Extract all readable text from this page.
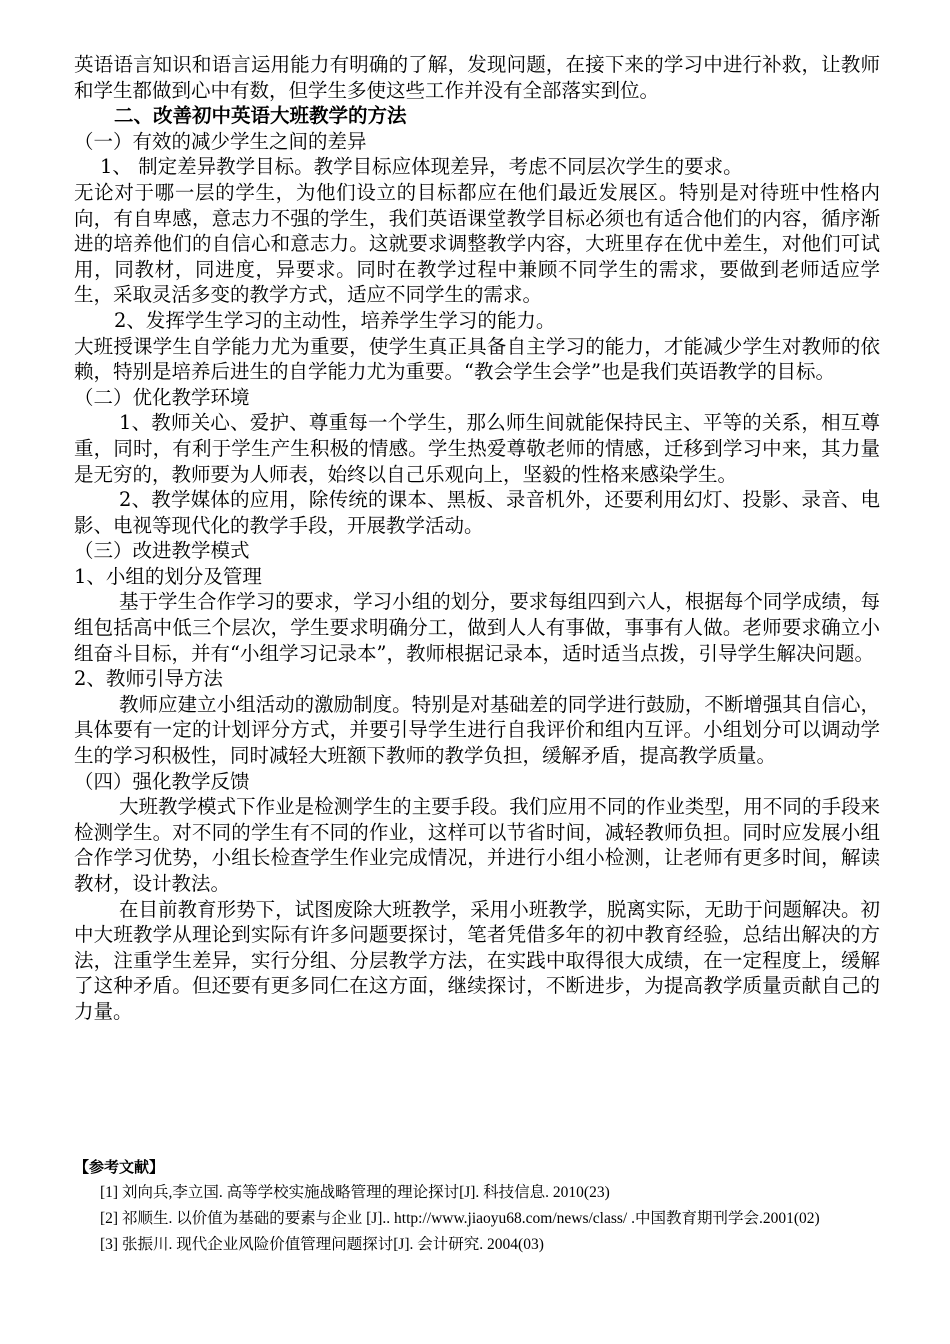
英语语言知识和语言运用能力有明确的了解，发现问题，在接下来的学习中进行补救，让教师和学生都做到心中有数，但学生多使这些工作并没有全部落实到位。

二、改善初中英语大班教学的方法

（一）有效的减少学生之间的差异

1、 制定差异教学目标。教学目标应体现差异，考虑不同层次学生的要求。

无论对于哪一层的学生，为他们设立的目标都应在他们最近发展区。特别是对待班中性格内向，有自卑感，意志力不强的学生，我们英语课堂教学目标必须也有适合他们的内容，循序渐进的培养他们的自信心和意志力。这就要求调整教学内容，大班里存在优中差生，对他们可试用，同教材，同进度，异要求。同时在教学过程中兼顾不同学生的需求，要做到老师适应学生，采取灵活多变的教学方式，适应不同学生的需求。

2、发挥学生学习的主动性，培养学生学习的能力。

大班授课学生自学能力尤为重要，使学生真正具备自主学习的能力，才能减少学生对教师的依赖，特别是培养后进生的自学能力尤为重要。“教会学生会学”也是我们英语教学的目标。

（二）优化教学环境

1、教师关心、爱护、尊重每一个学生，那么师生间就能保持民主、平等的关系，相互尊重，同时，有利于学生产生积极的情感。学生热爱尊敬老师的情感，迁移到学习中来，其力量是无穷的，教师要为人师表，始终以自己乐观向上，坚毅的性格来感染学生。

2、教学媒体的应用，除传统的课本、黑板、录音机外，还要利用幻灯、投影、录音、电影、电视等现代化的教学手段，开展教学活动。

（三）改进教学模式

1、小组的划分及管理

基于学生合作学习的要求，学习小组的划分，要求每组四到六人，根据每个同学成绩，每组包括高中低三个层次，学生要求明确分工，做到人人有事做，事事有人做。老师要求确立小组奋斗目标，并有“小组学习记录本”，教师根据记录本，适时适当点拨，引导学生解决问题。

2、教师引导方法

教师应建立小组活动的激励制度。特别是对基础差的同学进行鼓励，不断增强其自信心，具体要有一定的计划评分方式，并要引导学生进行自我评价和组内互评。小组划分可以调动学生的学习积极性，同时减轻大班额下教师的教学负担，缓解矛盾，提高教学质量。

（四）强化教学反馈

大班教学模式下作业是检测学生的主要手段。我们应用不同的作业类型，用不同的手段来检测学生。对不同的学生有不同的作业，这样可以节省时间，减轻教师负担。同时应发展小组合作学习优势，小组长检查学生作业完成情况，并进行小组小检测，让老师有更多时间，解读教材，设计教法。

在目前教育形势下，试图废除大班教学，采用小班教学，脱离实际，无助于问题解决。初中大班教学从理论到实际有许多问题要探讨，笔者凭借多年的初中教育经验，总结出解决的方法，注重学生差异，实行分组、分层教学方法，在实践中取得很大成绩，在一定程度上，缓解了这种矛盾。但还要有更多同仁在这方面，继续探讨，不断进步，为提高教学质量贡献自己的力量。

【参考文献】

[1] 刘向兵,李立国. 高等学校实施战略管理的理论探讨[J]. 科技信息. 2010(23)

[2] 祁顺生. 以价值为基础的要素与企业 [J].. http://www.jiaoyu68.com/news/class/ .中国教育期刊学会.2001(02)

[3] 张振川. 现代企业风险价值管理问题探讨[J]. 会计研究. 2004(03)
